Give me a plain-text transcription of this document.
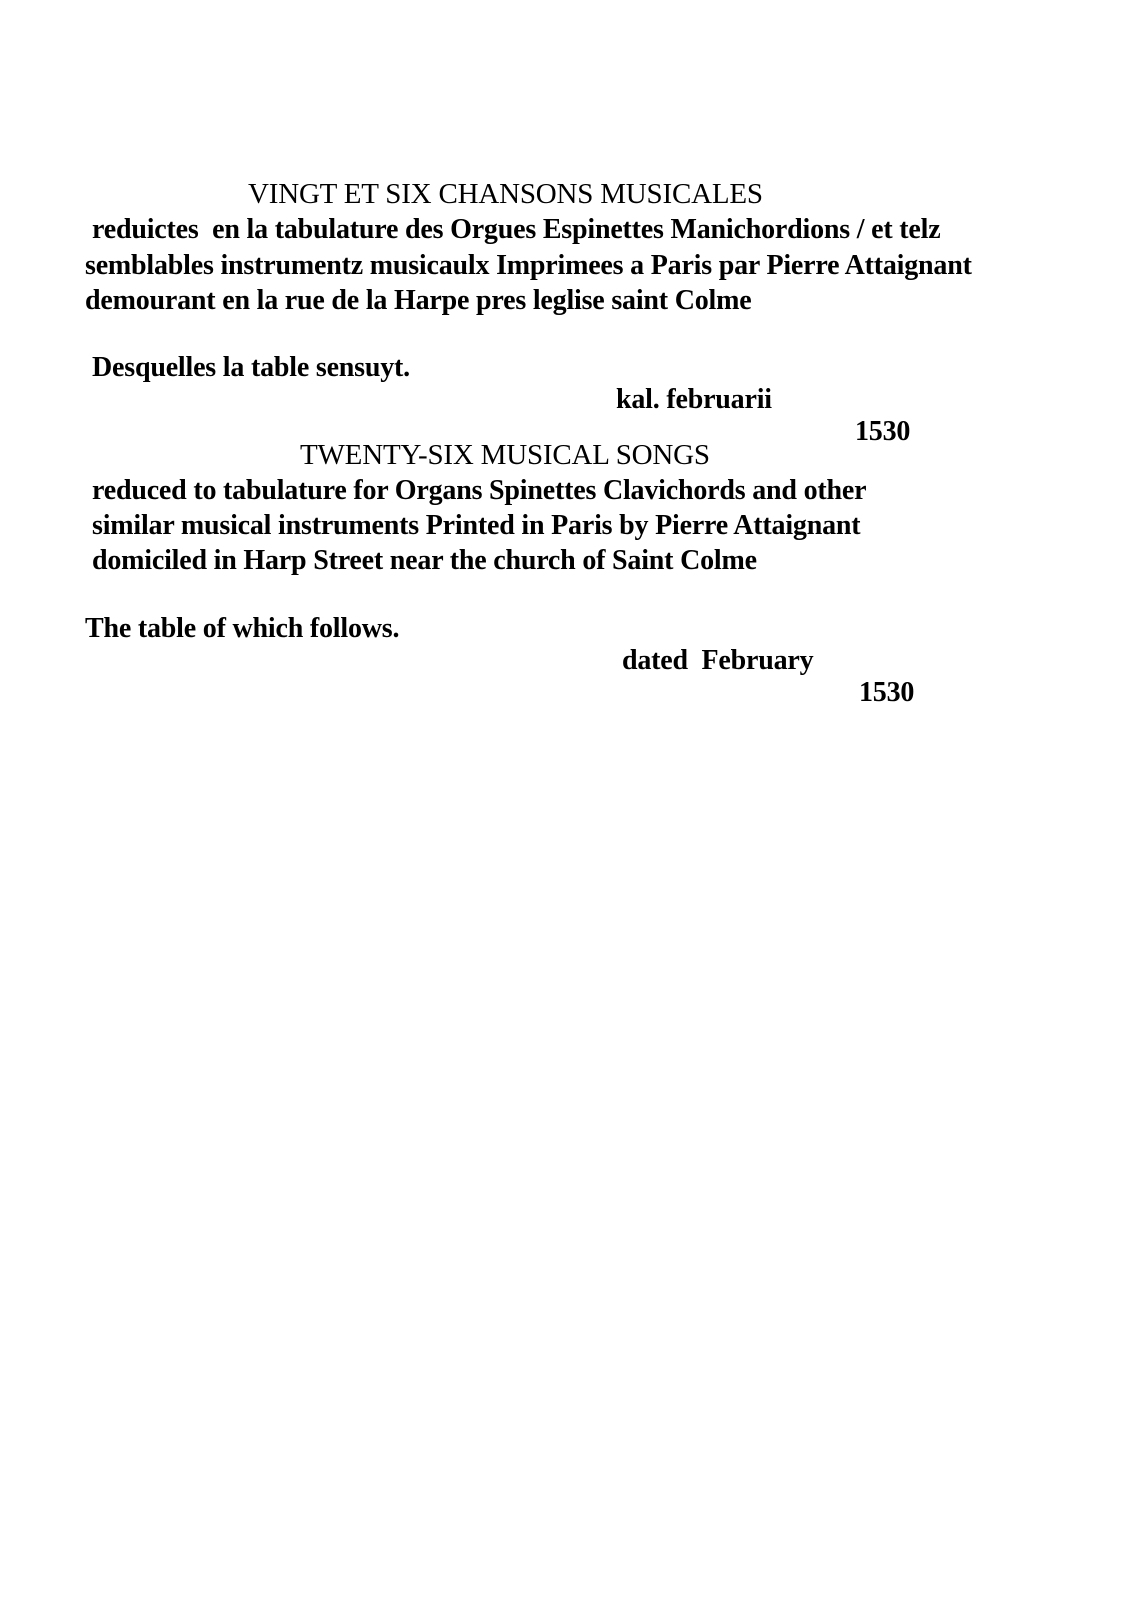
VINGT ET SIX CHANSONS MUSICALES
reduictes  en la tabulature des Orgues Espinettes Manichordions / et telz
semblables instrumentz musicaulx Imprimees a Paris par Pierre Attaignant
demourant en la rue de la Harpe pres leglise saint Colme

Desquelles la table sensuyt.

kal. februarii

1530

TWENTY-SIX MUSICAL SONGS
reduced to tabulature for Organs Spinettes Clavichords and other
similar musical instruments Printed in Paris by Pierre Attaignant
domiciled in Harp Street near the church of Saint Colme

The table of which follows.

dated  February

1530
